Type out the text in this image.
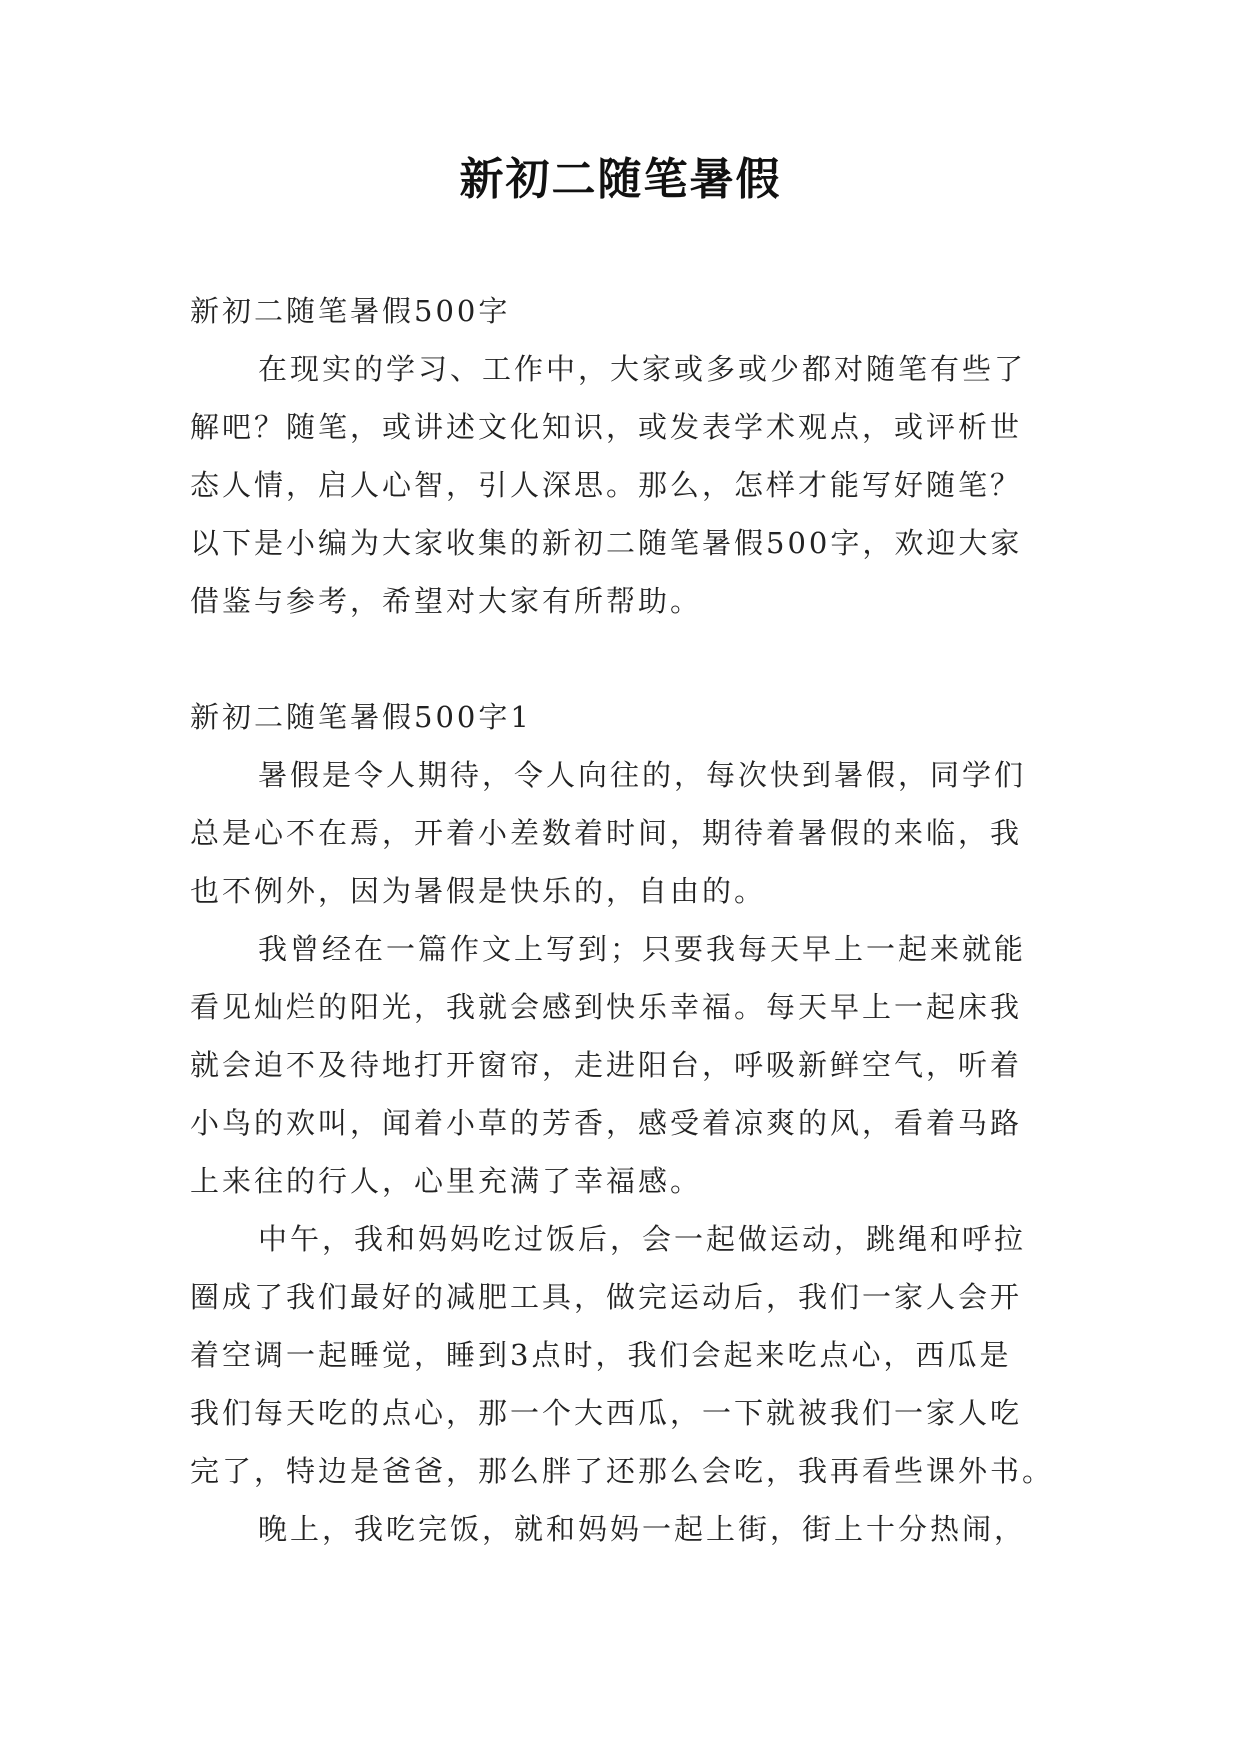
新初二随笔暑假
新初二随笔暑假500字
在现实的学习、工作中，大家或多或少都对随笔有些了
解吧？随笔，或讲述文化知识，或发表学术观点，或评析世
态人情，启人心智，引人深思。那么，怎样才能写好随笔？
以下是小编为大家收集的新初二随笔暑假500字，欢迎大家
借鉴与参考，希望对大家有所帮助。
新初二随笔暑假500字1
暑假是令人期待，令人向往的，每次快到暑假，同学们
总是心不在焉，开着小差数着时间，期待着暑假的来临，我
也不例外，因为暑假是快乐的，自由的。
我曾经在一篇作文上写到；只要我每天早上一起来就能
看见灿烂的阳光，我就会感到快乐幸福。每天早上一起床我
就会迫不及待地打开窗帘，走进阳台，呼吸新鲜空气，听着
小鸟的欢叫，闻着小草的芳香，感受着凉爽的风，看着马路
上来往的行人，心里充满了幸福感。
中午，我和妈妈吃过饭后，会一起做运动，跳绳和呼拉
圈成了我们最好的减肥工具，做完运动后，我们一家人会开
着空调一起睡觉，睡到3点时，我们会起来吃点心，西瓜是
我们每天吃的点心，那一个大西瓜，一下就被我们一家人吃
完了，特边是爸爸，那么胖了还那么会吃，我再看些课外书。
晚上，我吃完饭，就和妈妈一起上街，街上十分热闹，
